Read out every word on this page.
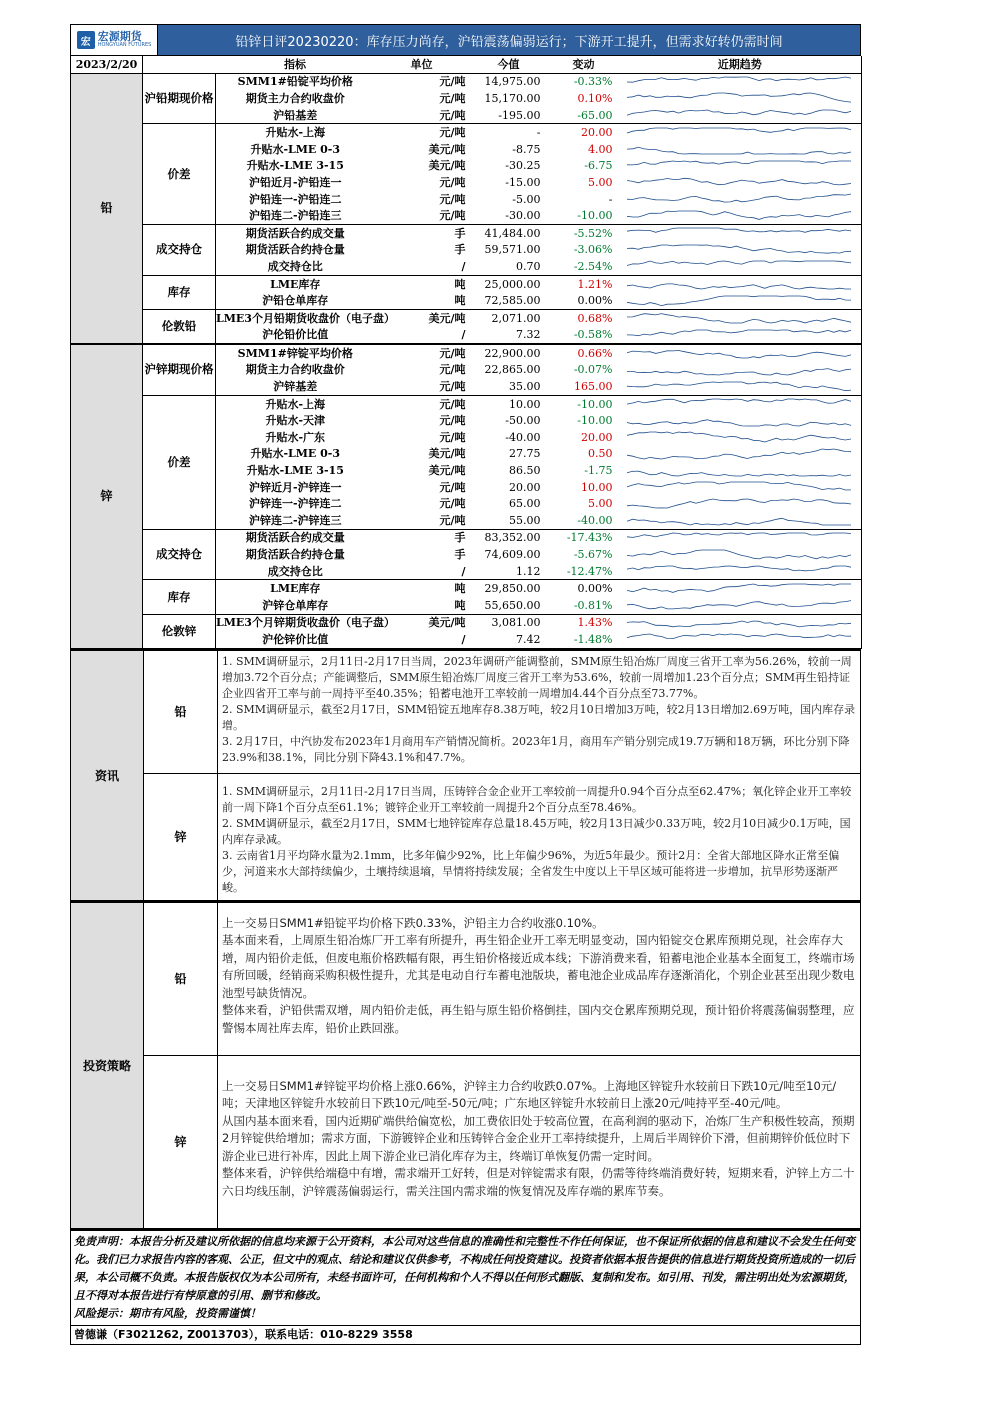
宏 宏源期货
HONGYUAN FUTURES	铅锌日评20230220：库存压力尚存，沪铅震荡偏弱运行；下游开工提升，但需求好转仍需时间
2023/2/20		指标	单位	今值	变动	近期趋势
铅	沪铅期现价格	SMM1#铅锭平均价格	元/吨	14,975.00	-0.33%	

		期货主力合约收盘价	元/吨	15,170.00	0.10%	

		沪铅基差	元/吨	-195.00	-65.00	

	价差	升贴水-上海	元/吨	-	20.00	

		升贴水-LME 0-3	美元/吨	-8.75	4.00	

		升贴水-LME 3-15	美元/吨	-30.25	-6.75	

		沪铅近月-沪铅连一	元/吨	-15.00	5.00	

		沪铅连一-沪铅连二	元/吨	-5.00	-	

		沪铅连二-沪铅连三	元/吨	-30.00	-10.00	

	成交持仓	期货活跃合约成交量	手	41,484.00	-5.52%	

		期货活跃合约持仓量	手	59,571.00	-3.06%	

		成交持仓比	/	0.70	-2.54%	

	库存	LME库存	吨	25,000.00	1.21%	

		沪铅仓单库存	吨	72,585.00	0.00%	

	伦敦铅	LME3个月铅期货收盘价（电子盘）	美元/吨	2,071.00	0.68%	

		沪伦铅价比值	/	7.32	-0.58%	

锌	沪锌期现价格	SMM1#锌锭平均价格	元/吨	22,900.00	0.66%	

		期货主力合约收盘价	元/吨	22,865.00	-0.07%	

		沪锌基差	元/吨	35.00	165.00	

	价差	升贴水-上海	元/吨	10.00	-10.00	

		升贴水-天津	元/吨	-50.00	-10.00	

		升贴水-广东	元/吨	-40.00	20.00	

		升贴水-LME 0-3	美元/吨	27.75	0.50	

		升贴水-LME 3-15	美元/吨	86.50	-1.75	

		沪锌近月-沪锌连一	元/吨	20.00	10.00	

		沪锌连一-沪锌连二	元/吨	65.00	5.00	

		沪锌连二-沪锌连三	元/吨	55.00	-40.00	

	成交持仓	期货活跃合约成交量	手	83,352.00	-17.43%	

		期货活跃合约持仓量	手	74,609.00	-5.67%	

		成交持仓比	/	1.12	-12.47%	

	库存	LME库存	吨	29,850.00	0.00%	

		沪锌仓单库存	吨	55,650.00	-0.81%	

	伦敦锌	LME3个月锌期货收盘价（电子盘）	美元/吨	3,081.00	1.43%	

		沪伦锌价比值	/	7.42	-1.48%	
资讯
铅

1. SMM调研显示，2月11日-2月17日当周，2023年调研产能调整前，SMM原生铅冶炼厂周度三省开工率为56.26%，较前一周增加3.72个百分点；产能调整后，SMM原生铅冶炼厂周度三省开工率为53.6%，较前一周增加1.23个百分点；SMM再生铅持证企业四省开工率与前一周持平至40.35%；铅蓄电池开工率较前一周增加4.44个百分点至73.77%。

2. SMM调研显示，截至2月17日，SMM铅锭五地库存8.38万吨，较2月10日增加3万吨，较2月13日增加2.69万吨，国内库存录增。

3. 2月17日，中汽协发布2023年1月商用车产销情况简析。2023年1月，商用车产销分别完成19.7万辆和18万辆，环比分别下降23.9%和38.1%，同比分别下降43.1%和47.7%。

锌

1. SMM调研显示，2月11日-2月17日当周，压铸锌合金企业开工率较前一周提升0.94个百分点至62.47%；氧化锌企业开工率较前一周下降1个百分点至61.1%；镀锌企业开工率较前一周提升2个百分点至78.46%。

2. SMM调研显示，截至2月17日，SMM七地锌锭库存总量18.45万吨，较2月13日减少0.33万吨，较2月10日减少0.1万吨，国内库存录减。

3. 云南省1月平均降水量为2.1mm，比多年偏少92%，比上年偏少96%，为近5年最少。预计2月：全省大部地区降水正常至偏少，河道来水大部持续偏少，土壤持续退墒，旱情将持续发展；全省发生中度以上干旱区域可能将进一步增加，抗旱形势逐渐严峻。

投资策略
铅

上一交易日SMM1#铅锭平均价格下跌0.33%，沪铅主力合约收涨0.10%。

基本面来看，上周原生铅冶炼厂开工率有所提升，再生铅企业开工率无明显变动，国内铅锭交仓累库预期兑现，社会库存大增，周内铅价走低，但废电瓶价格跌幅有限，再生铅价格接近成本线；下游消费来看，铅蓄电池企业基本全面复工，终端市场有所回暖，经销商采购积极性提升，尤其是电动自行车蓄电池版块，蓄电池企业成品库存逐渐消化，个别企业甚至出现少数电池型号缺货情况。

整体来看，沪铅供需双增，周内铅价走低，再生铅与原生铅价格倒挂，国内交仓累库预期兑现，预计铅价将震荡偏弱整理，应警惕本周社库去库，铅价止跌回涨。

锌

上一交易日SMM1#锌锭平均价格上涨0.66%，沪锌主力合约收跌0.07%。上海地区锌锭升水较前日下跌10元/吨至10元/吨；天津地区锌锭升水较前日下跌10元/吨至-50元/吨；广东地区锌锭升水较前日上涨20元/吨持平至-40元/吨。

从国内基本面来看，国内近期矿端供给偏宽松，加工费依旧处于较高位置，在高利润的驱动下，冶炼厂生产积极性较高，预期2月锌锭供给增加；需求方面，下游镀锌企业和压铸锌合金企业开工率持续提升，上周后半周锌价下滑，但前期锌价低位时下游企业已进行补库，因此上周下游企业已消化库存为主，终端订单恢复仍需一定时间。

整体来看，沪锌供给端稳中有增，需求端开工好转，但是对锌锭需求有限，仍需等待终端消费好转，短期来看，沪锌上方二十六日均线压制，沪锌震荡偏弱运行，需关注国内需求端的恢复情况及库存端的累库节奏。

免责声明：本报告分析及建议所依据的信息均来源于公开资料，本公司对这些信息的准确性和完整性不作任何保证，也不保证所依据的信息和建议不会发生任何变化。我们已力求报告内容的客观、公正，但文中的观点、结论和建议仅供参考，不构成任何投资建议。投资者依据本报告提供的信息进行期货投资所造成的一切后果，本公司概不负责。本报告版权仅为本公司所有，未经书面许可，任何机构和个人不得以任何形式翻版、复制和发布。如引用、刊发，需注明出处为宏源期货，且不得对本报告进行有悖原意的引用、删节和修改。
风险提示：期市有风险，投资需谨慎！
曾德谦（F3021262, Z0013703），联系电话：010-8229 3558
